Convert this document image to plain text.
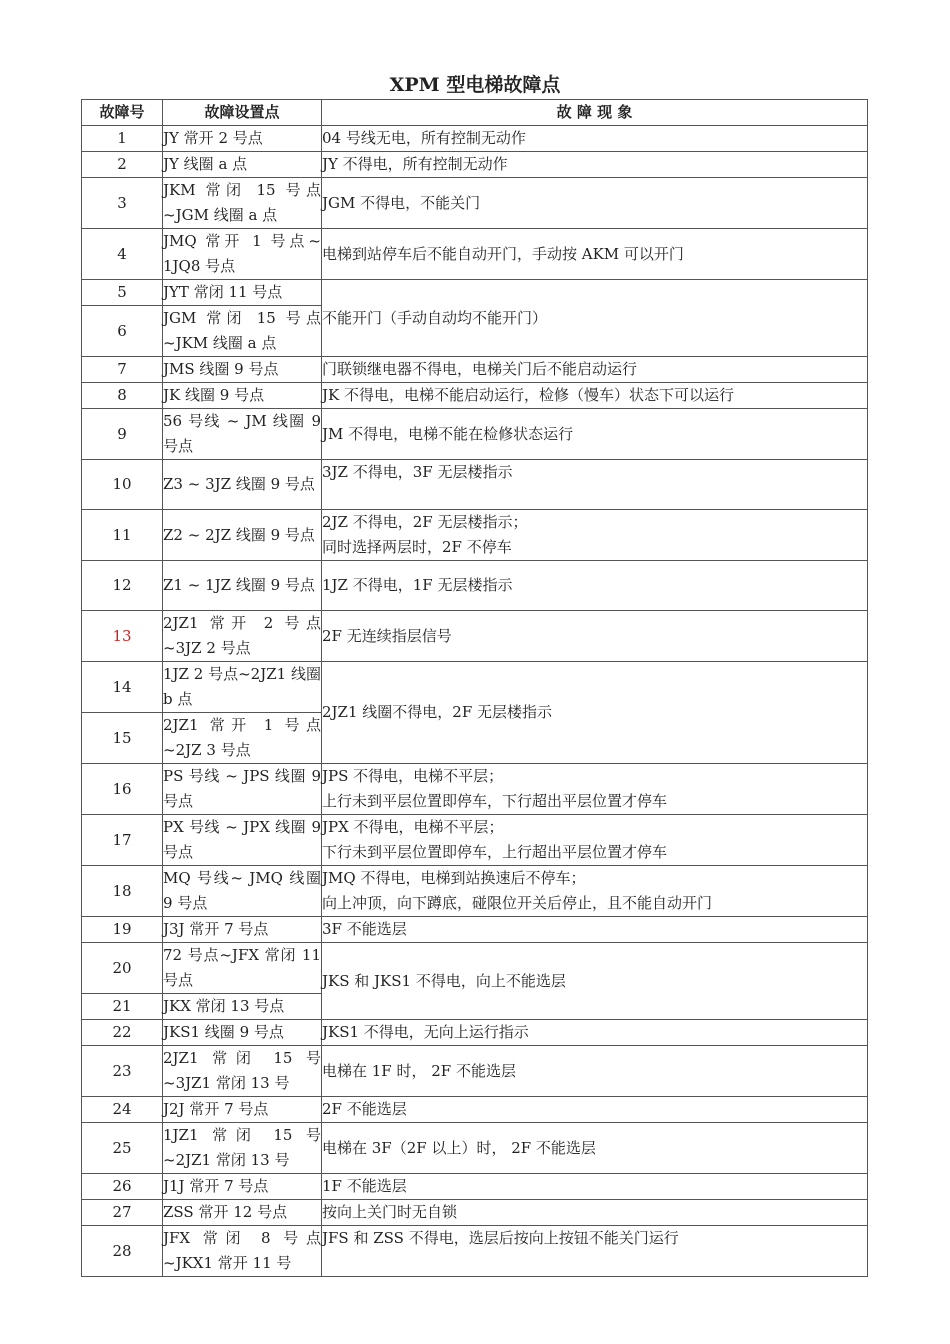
XPM 型电梯故障点
故障号	故障设置点	故 障 现 象
1	JY 常开 2 号点	04 号线无电，所有控制无动作
2	JY 线圈 a 点	JY 不得电，所有控制无动作
3	JKM 常闭 15 号点 ~JGM 线圈 a 点	JGM 不得电，不能关门
4	JMQ 常开 1 号点~ 1JQ8 号点	电梯到站停车后不能自动开门，手动按 AKM 可以开门
5	JYT 常闭 11 号点	不能开门（手动自动均不能开门）
6	JGM 常闭 15 号点 ~JKM 线圈 a 点	
7	JMS 线圈 9 号点	门联锁继电器不得电，电梯关门后不能启动运行
8	JK 线圈 9 号点	JK 不得电，电梯不能启动运行，检修（慢车）状态下可以运行
9	56 号线 ~ JM 线圈 9 号点	JM 不得电，电梯不能在检修状态运行
10	Z3 ~ 3JZ 线圈 9 号点	3JZ 不得电，3F 无层楼指示
11	Z2 ~ 2JZ 线圈 9 号点	2JZ 不得电，2F 无层楼指示；
同时选择两层时，2F 不停车

12	Z1 ~ 1JZ 线圈 9 号点	1JZ 不得电，1F 无层楼指示
13	2JZ1 常开 2 号点 ~3JZ 2 号点	2F 无连续指层信号
14	1JZ 2 号点~2JZ1 线圈 b 点	2JZ1 线圈不得电，2F 无层楼指示
15	2JZ1 常开 1 号点 ~2JZ 3 号点	
16	PS 号线 ~ JPS 线圈 9 号点	JPS 不得电，电梯不平层；
上行未到平层位置即停车，下行超出平层位置才停车

17	PX 号线 ~ JPX 线圈 9 号点	JPX 不得电，电梯不平层；
下行未到平层位置即停车，上行超出平层位置才停车

18	MQ 号线~ JMQ 线圈 9 号点	JMQ 不得电，电梯到站换速后不停车；
向上冲顶，向下蹲底，碰限位开关后停止，且不能自动开门

19	J3J 常开 7 号点	3F 不能选层
20	72 号点~JFX 常闭 11 号点	JKS 和 JKS1 不得电，向上不能选层
21	JKX 常闭 13 号点	
22	JKS1 线圈 9 号点	JKS1 不得电，无向上运行指示
23	2JZ1 常闭 15 号 ~3JZ1 常闭 13 号	电梯在 1F 时， 2F 不能选层
24	J2J 常开 7 号点	2F 不能选层
25	1JZ1 常闭 15 号 ~2JZ1 常闭 13 号	电梯在 3F（2F 以上）时， 2F 不能选层
26	J1J 常开 7 号点	1F 不能选层
27	ZSS 常开 12 号点	按向上关门时无自锁
28	JFX 常闭 8 号点 ~JKX1 常开 11 号	JFS 和 ZSS 不得电，选层后按向上按钮不能关门运行
